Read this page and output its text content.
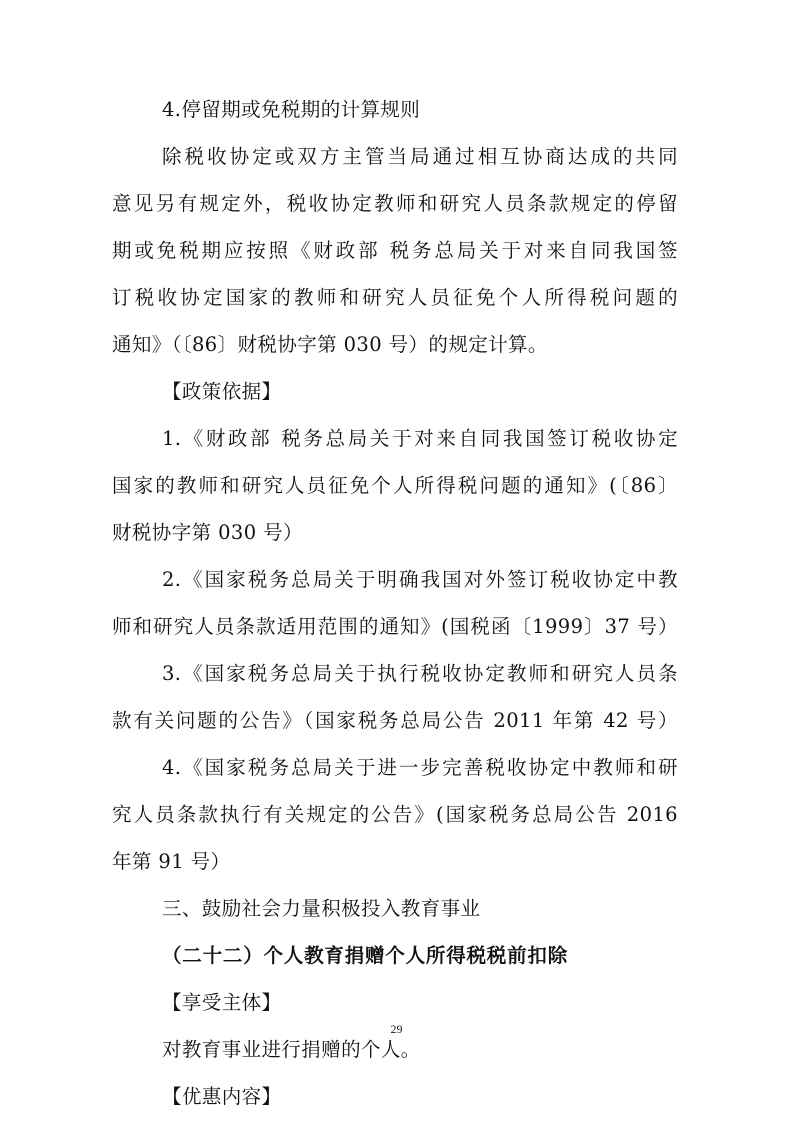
4.停留期或免税期的计算规则
除税收协定或双方主管当局通过相互协商达成的共同
意见另有规定外，税收协定教师和研究人员条款规定的停留
期或免税期应按照《财政部 税务总局关于对来自同我国签
订税收协定国家的教师和研究人员征免个人所得税问题的
通知》（〔86〕财税协字第 030 号）的规定计算。
【政策依据】
1.《财政部 税务总局关于对来自同我国签订税收协定
国家的教师和研究人员征免个人所得税问题的通知》(〔86〕
财税协字第 030 号）
2.《国家税务总局关于明确我国对外签订税收协定中教
师和研究人员条款适用范围的通知》(国税函〔1999〕37 号）
3.《国家税务总局关于执行税收协定教师和研究人员条
款有关问题的公告》（国家税务总局公告 2011 年第 42 号）
4.《国家税务总局关于进一步完善税收协定中教师和研
究人员条款执行有关规定的公告》(国家税务总局公告 2016
年第 91 号）
三、鼓励社会力量积极投入教育事业
（二十二）个人教育捐赠个人所得税税前扣除
【享受主体】
对教育事业进行捐赠的个人。
【优惠内容】
29
